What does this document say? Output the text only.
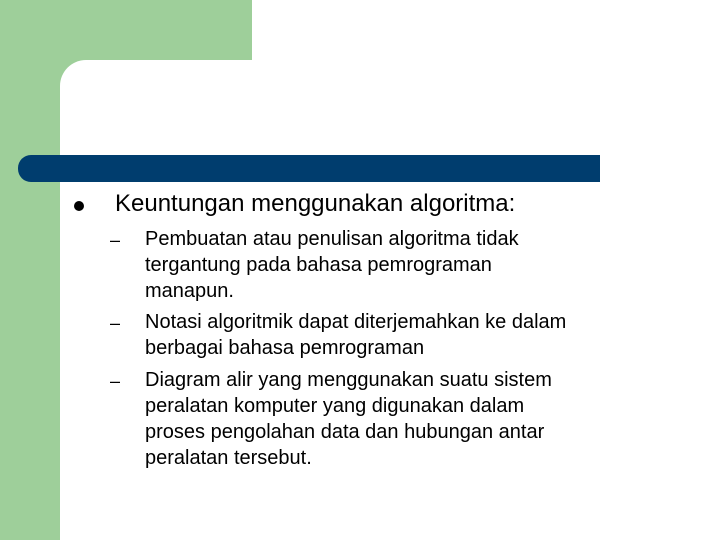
Keuntungan menggunakan algoritma:
– Pembuatan atau penulisan algoritma tidak
tergantung pada bahasa pemrograman
manapun.
– Notasi algoritmik dapat diterjemahkan ke dalam
berbagai bahasa pemrograman
– Diagram alir yang menggunakan suatu sistem
peralatan komputer yang digunakan dalam
proses pengolahan data dan hubungan antar
peralatan tersebut.
